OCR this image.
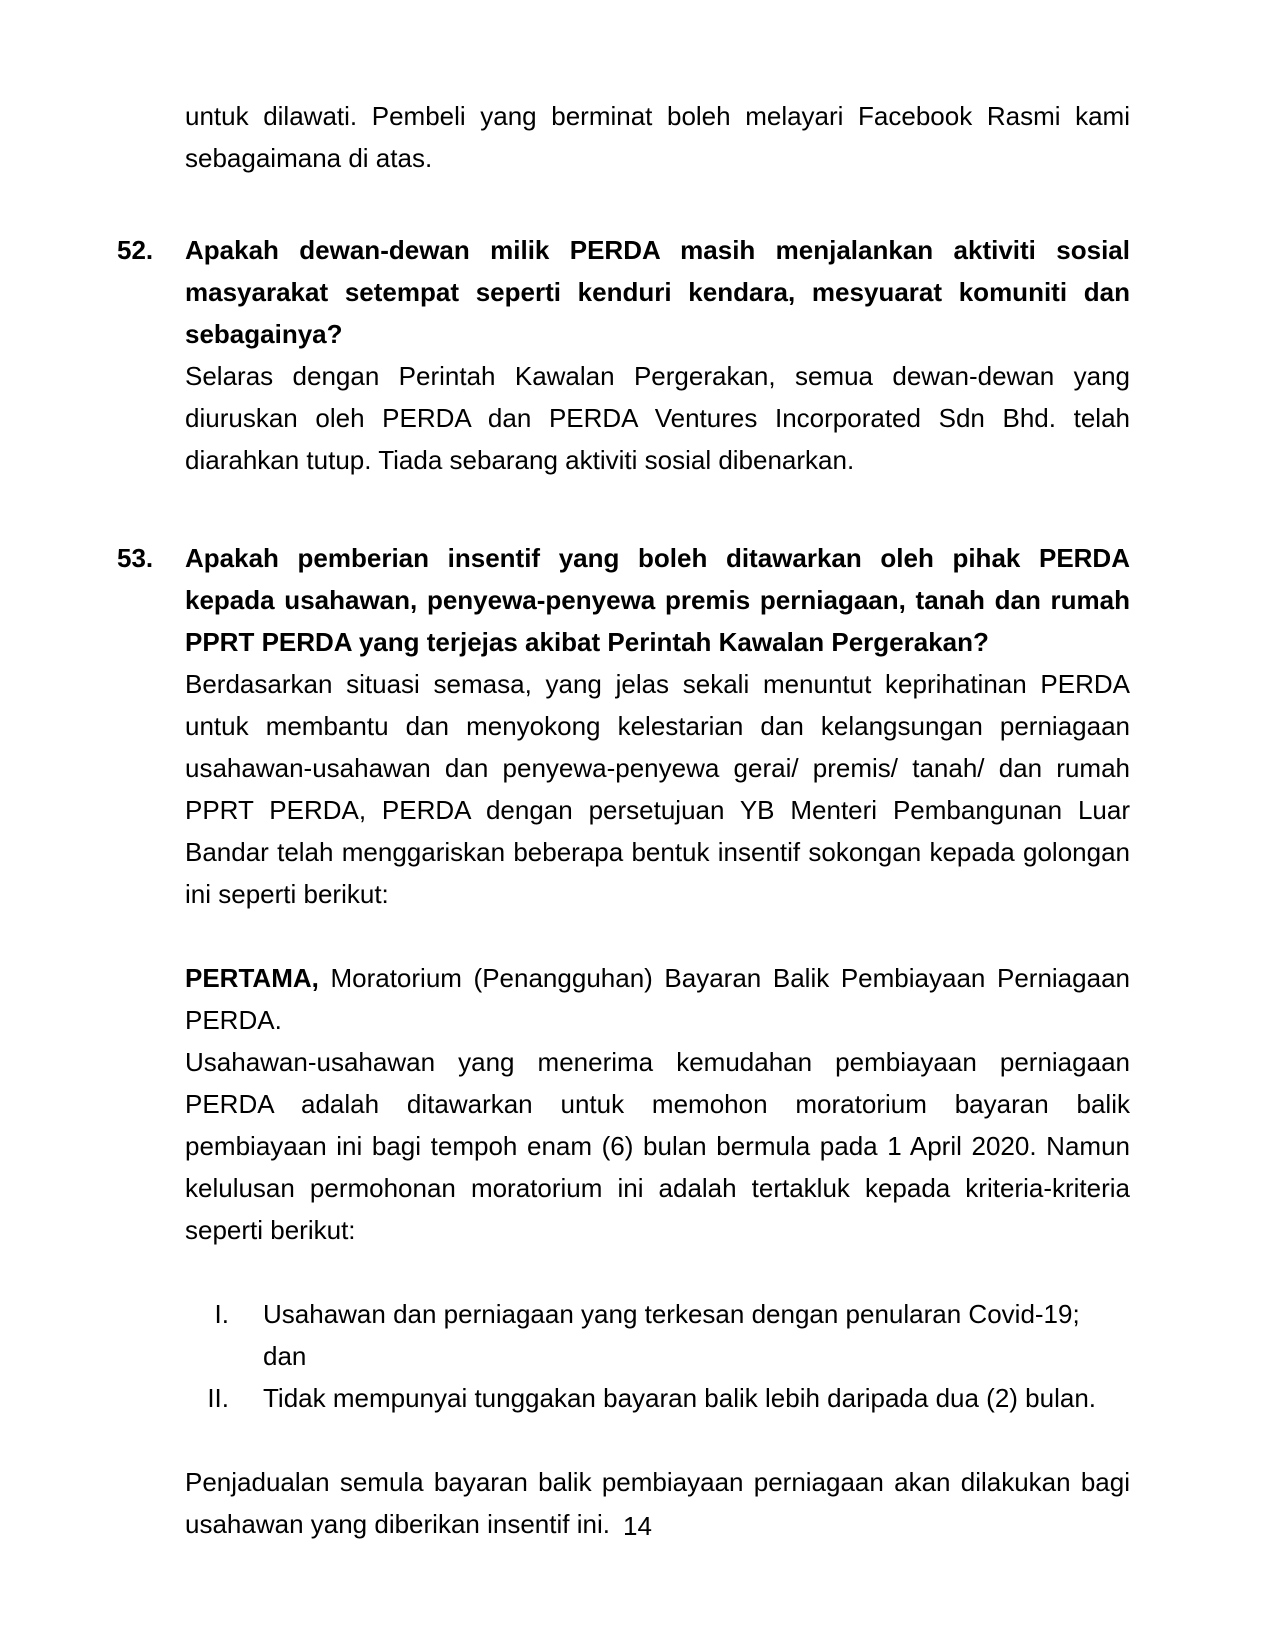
untuk dilawati. Pembeli yang berminat boleh melayari Facebook Rasmi kami sebagaimana di atas.

52.	Apakah dewan-dewan milik PERDA masih menjalankan aktiviti sosial masyarakat setempat seperti kenduri kendara, mesyuarat komuniti dan sebagainya?

Selaras dengan Perintah Kawalan Pergerakan, semua dewan-dewan yang diuruskan oleh PERDA dan PERDA Ventures Incorporated Sdn Bhd. telah diarahkan tutup. Tiada sebarang aktiviti sosial dibenarkan.

53.	Apakah pemberian insentif yang boleh ditawarkan oleh pihak PERDA kepada usahawan, penyewa-penyewa premis perniagaan, tanah dan rumah PPRT PERDA yang terjejas akibat Perintah Kawalan Pergerakan?

Berdasarkan situasi semasa, yang jelas sekali menuntut keprihatinan PERDA untuk membantu dan menyokong kelestarian dan kelangsungan perniagaan usahawan-usahawan dan penyewa-penyewa gerai/ premis/ tanah/ dan rumah PPRT PERDA, PERDA dengan persetujuan YB Menteri Pembangunan Luar Bandar telah menggariskan beberapa bentuk insentif sokongan kepada golongan ini seperti berikut:

PERTAMA, Moratorium (Penangguhan) Bayaran Balik Pembiayaan Perniagaan PERDA.

Usahawan-usahawan yang menerima kemudahan pembiayaan perniagaan PERDA adalah ditawarkan untuk memohon moratorium bayaran balik pembiayaan ini bagi tempoh enam (6) bulan bermula pada 1 April 2020. Namun kelulusan permohonan moratorium ini adalah tertakluk kepada kriteria-kriteria seperti berikut:

I. Usahawan dan perniagaan yang terkesan dengan penularan Covid-19; dan
II. Tidak mempunyai tunggakan bayaran balik lebih daripada dua (2) bulan.

Penjadualan semula bayaran balik pembiayaan perniagaan akan dilakukan bagi usahawan yang diberikan insentif ini. 14
